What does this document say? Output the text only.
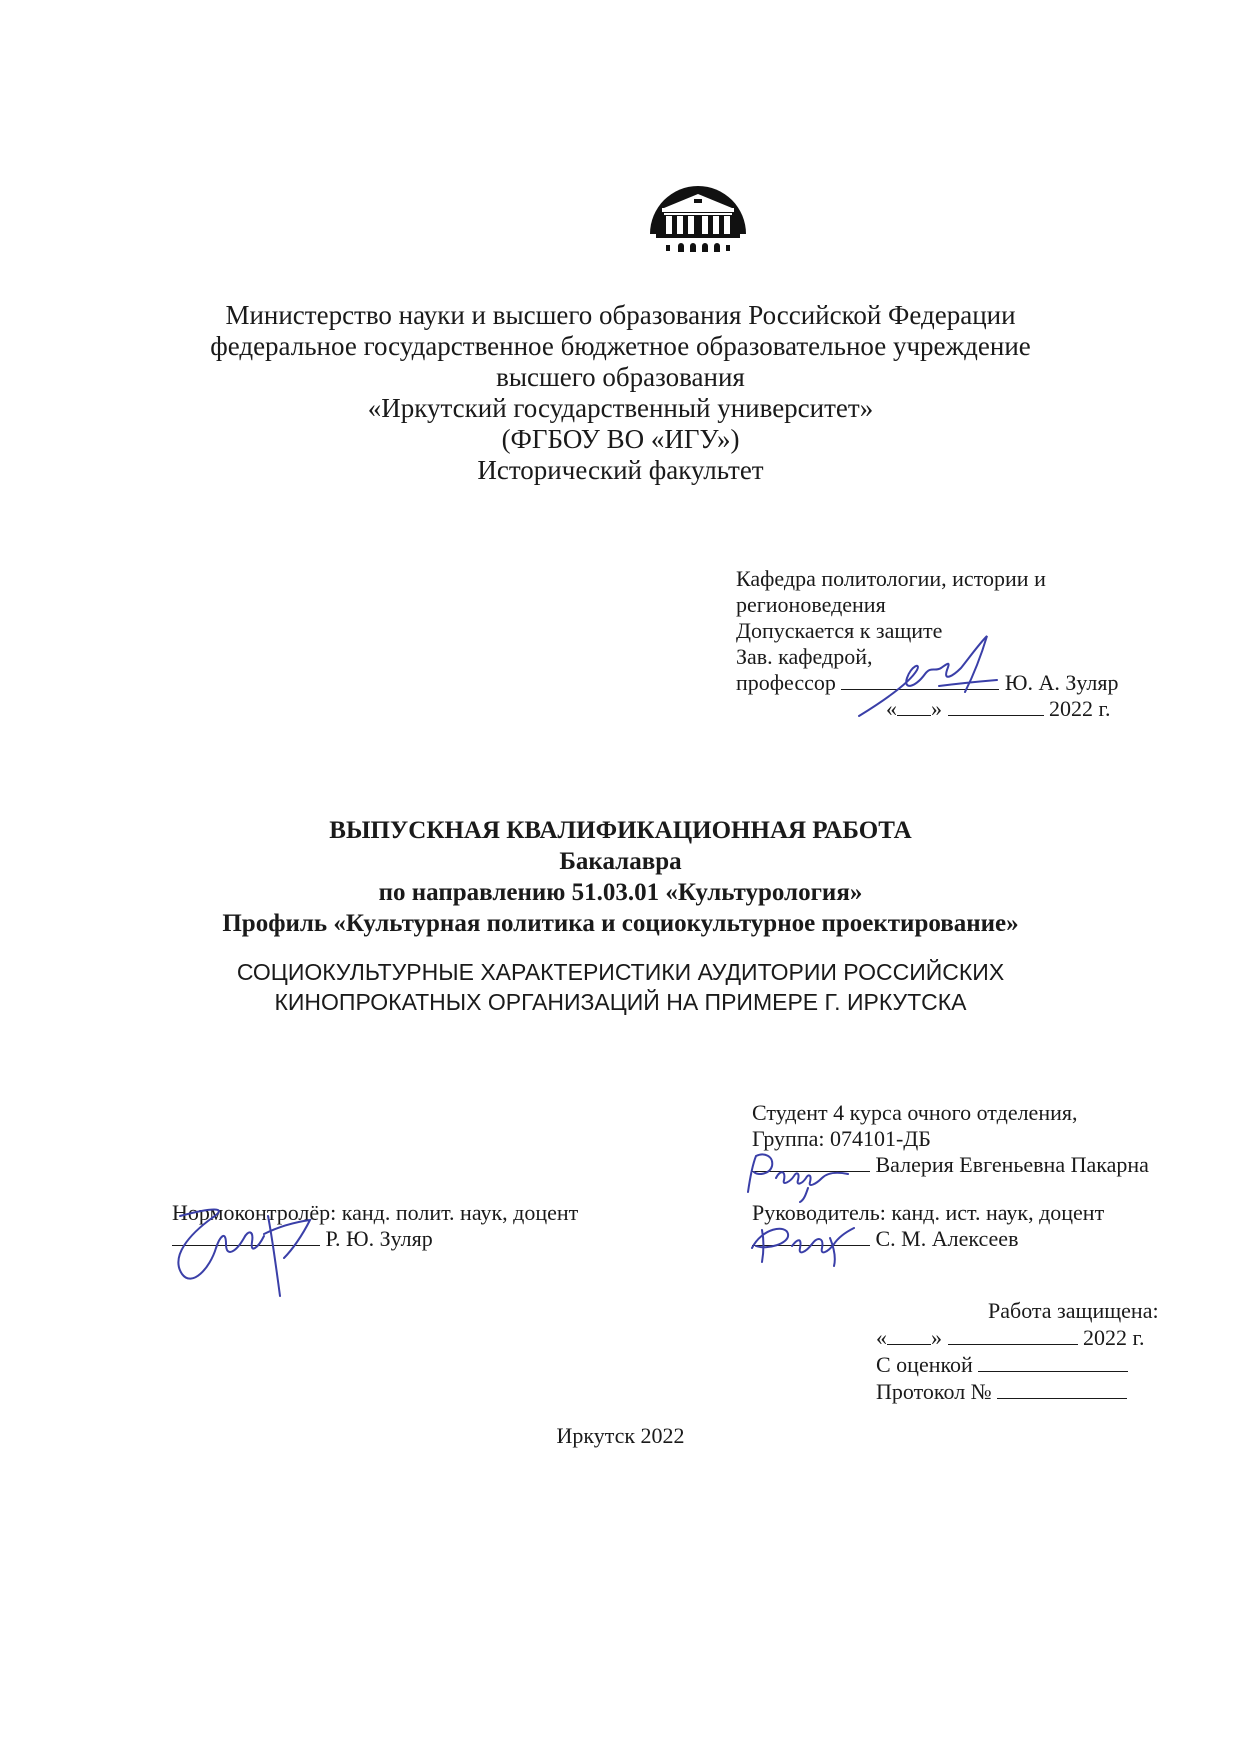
Министерство науки и высшего образования Российской Федерации
федеральное государственное бюджетное образовательное учреждение
высшего образования
«Иркутский государственный университет»
(ФГБОУ ВО «ИГУ»)
Исторический факультет
Кафедра политологии, истории и
регионоведения
Допускается к защите
Зав. кафедрой,
профессор	Ю. А. Зуляр
« »	2022 г.
ВЫПУСКНАЯ КВАЛИФИКАЦИОННАЯ РАБОТА
Бакалавра
по направлению 51.03.01 «Культурология»
Профиль «Культурная политика и социокультурное проектирование»
СОЦИОКУЛЬТУРНЫЕ ХАРАКТЕРИСТИКИ АУДИТОРИИ РОССИЙСКИХ
КИНОПРОКАТНЫХ ОРГАНИЗАЦИЙ НА ПРИМЕРЕ Г. ИРКУТСКА
Студент 4 курса очного отделения,
Группа: 074101-ДБ
Валерия Евгеньевна Пакарна
Нормоконтролёр: канд. полит. наук, доцент
Р. Ю. Зуляр
Руководитель: канд. ист. наук, доцент
С. М. Алексеев
Работа защищена:
« »	2022 г.
С оценкой
Протокол №
Иркутск 2022
